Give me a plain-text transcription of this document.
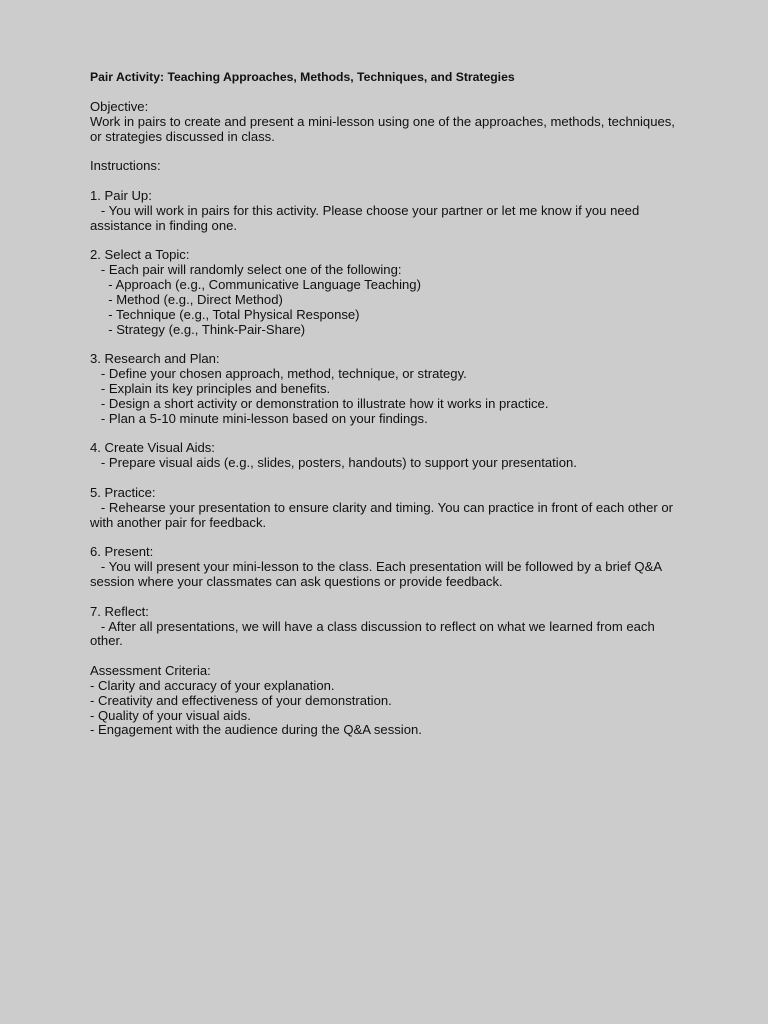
Pair Activity: Teaching Approaches, Methods, Techniques, and Strategies
Objective:
Work in pairs to create and present a mini-lesson using one of the approaches, methods, techniques, or strategies discussed in class.
Instructions:
1. Pair Up:
- You will work in pairs for this activity. Please choose your partner or let me know if you need assistance in finding one.
2. Select a Topic:
- Each pair will randomly select one of the following:
- Approach (e.g., Communicative Language Teaching)
- Method (e.g., Direct Method)
- Technique (e.g., Total Physical Response)
- Strategy (e.g., Think-Pair-Share)
3. Research and Plan:
- Define your chosen approach, method, technique, or strategy.
- Explain its key principles and benefits.
- Design a short activity or demonstration to illustrate how it works in practice.
- Plan a 5-10 minute mini-lesson based on your findings.
4. Create Visual Aids:
- Prepare visual aids (e.g., slides, posters, handouts) to support your presentation.
5. Practice:
- Rehearse your presentation to ensure clarity and timing. You can practice in front of each other or with another pair for feedback.
6. Present:
- You will present your mini-lesson to the class. Each presentation will be followed by a brief Q&A session where your classmates can ask questions or provide feedback.
7. Reflect:
- After all presentations, we will have a class discussion to reflect on what we learned from each other.
Assessment Criteria:
- Clarity and accuracy of your explanation.
- Creativity and effectiveness of your demonstration.
- Quality of your visual aids.
- Engagement with the audience during the Q&A session.
